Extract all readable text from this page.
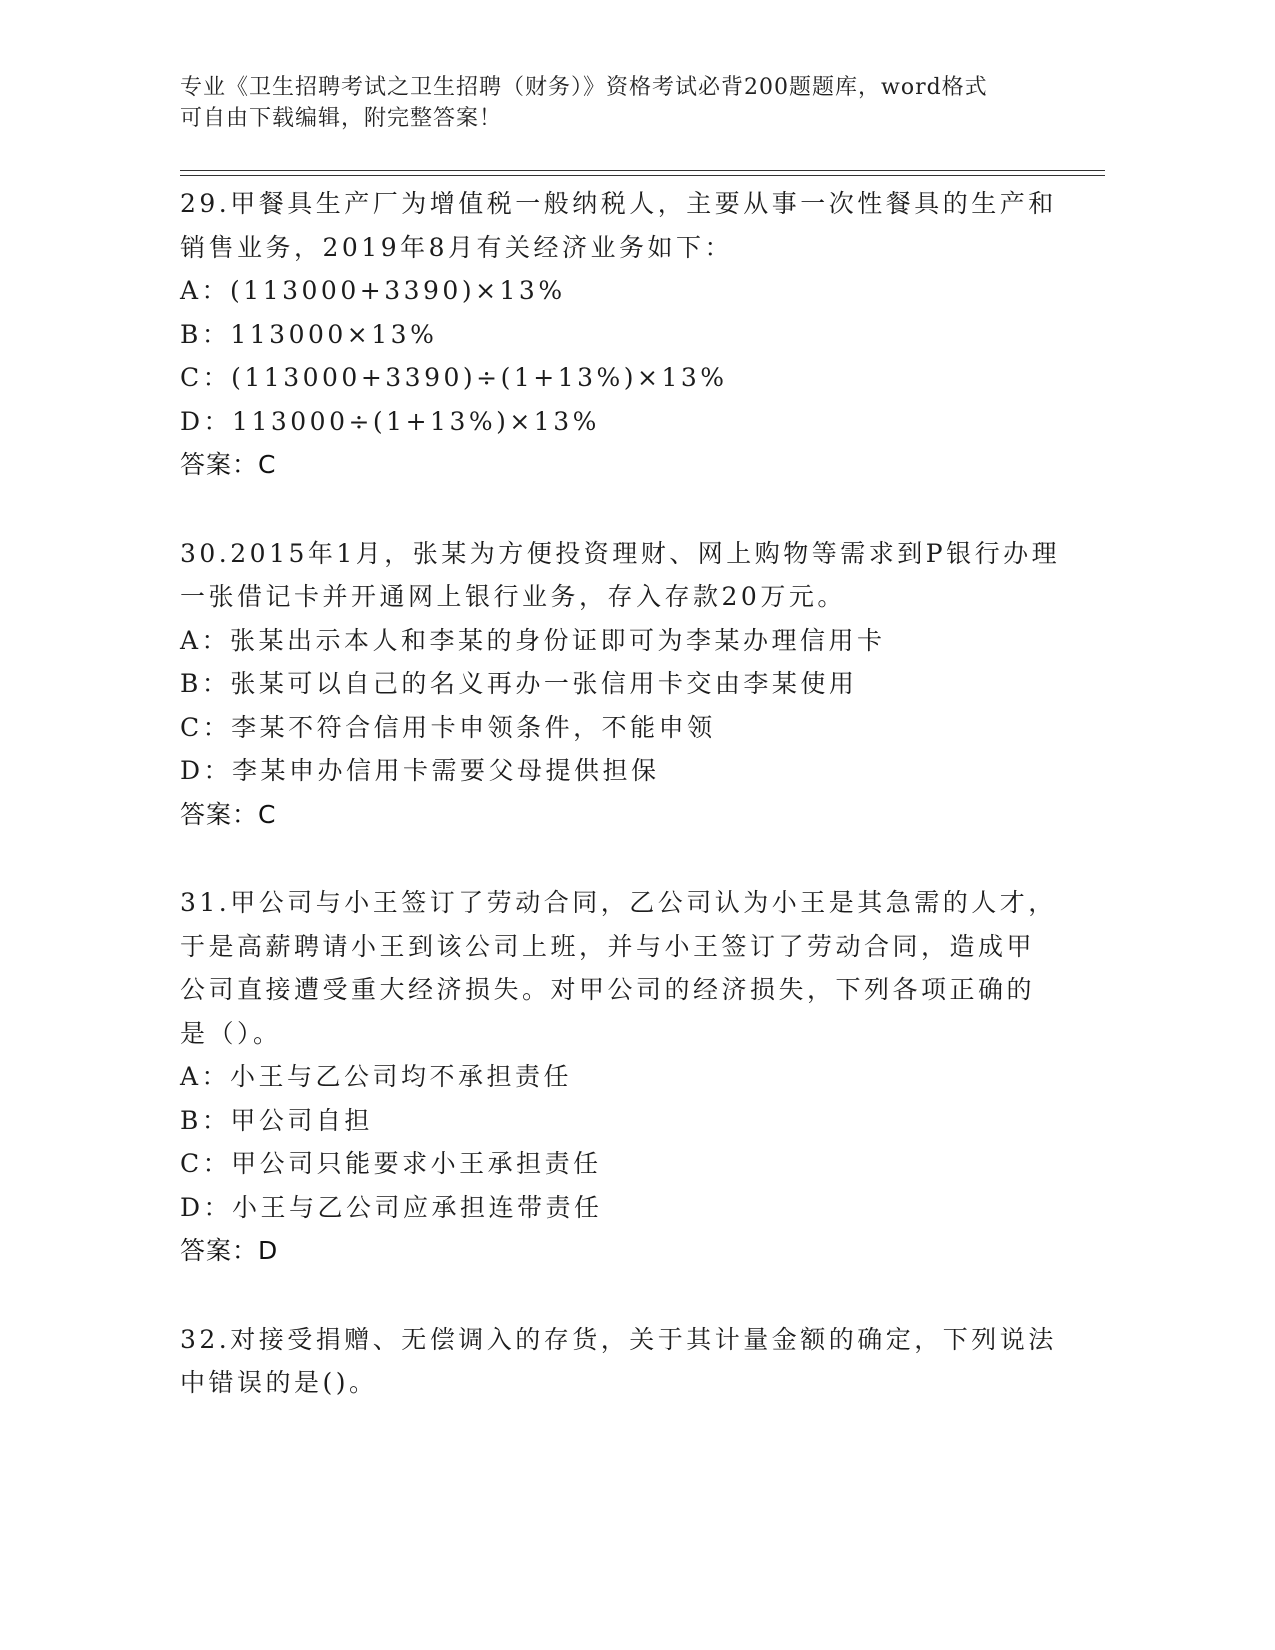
专业《卫生招聘考试之卫生招聘（财务）》资格考试必背200题题库，word格式
可自由下载编辑，附完整答案！
29.甲餐具生产厂为增值税一般纳税人，主要从事一次性餐具的生产和
销售业务，2019年8月有关经济业务如下：
A：(113000+3390)×13%
B：113000×13%
C：(113000+3390)÷(1+13%)×13%
D：113000÷(1+13%)×13%
答案：C
30.2015年1月，张某为方便投资理财、网上购物等需求到P银行办理
一张借记卡并开通网上银行业务，存入存款20万元。
A：张某出示本人和李某的身份证即可为李某办理信用卡
B：张某可以自己的名义再办一张信用卡交由李某使用
C：李某不符合信用卡申领条件，不能申领
D：李某申办信用卡需要父母提供担保
答案：C
31.甲公司与小王签订了劳动合同，乙公司认为小王是其急需的人才，
于是高薪聘请小王到该公司上班，并与小王签订了劳动合同，造成甲
公司直接遭受重大经济损失。对甲公司的经济损失，下列各项正确的
是（）。
A：小王与乙公司均不承担责任
B：甲公司自担
C：甲公司只能要求小王承担责任
D：小王与乙公司应承担连带责任
答案：D
32.对接受捐赠、无偿调入的存货，关于其计量金额的确定，下列说法
中错误的是()。
